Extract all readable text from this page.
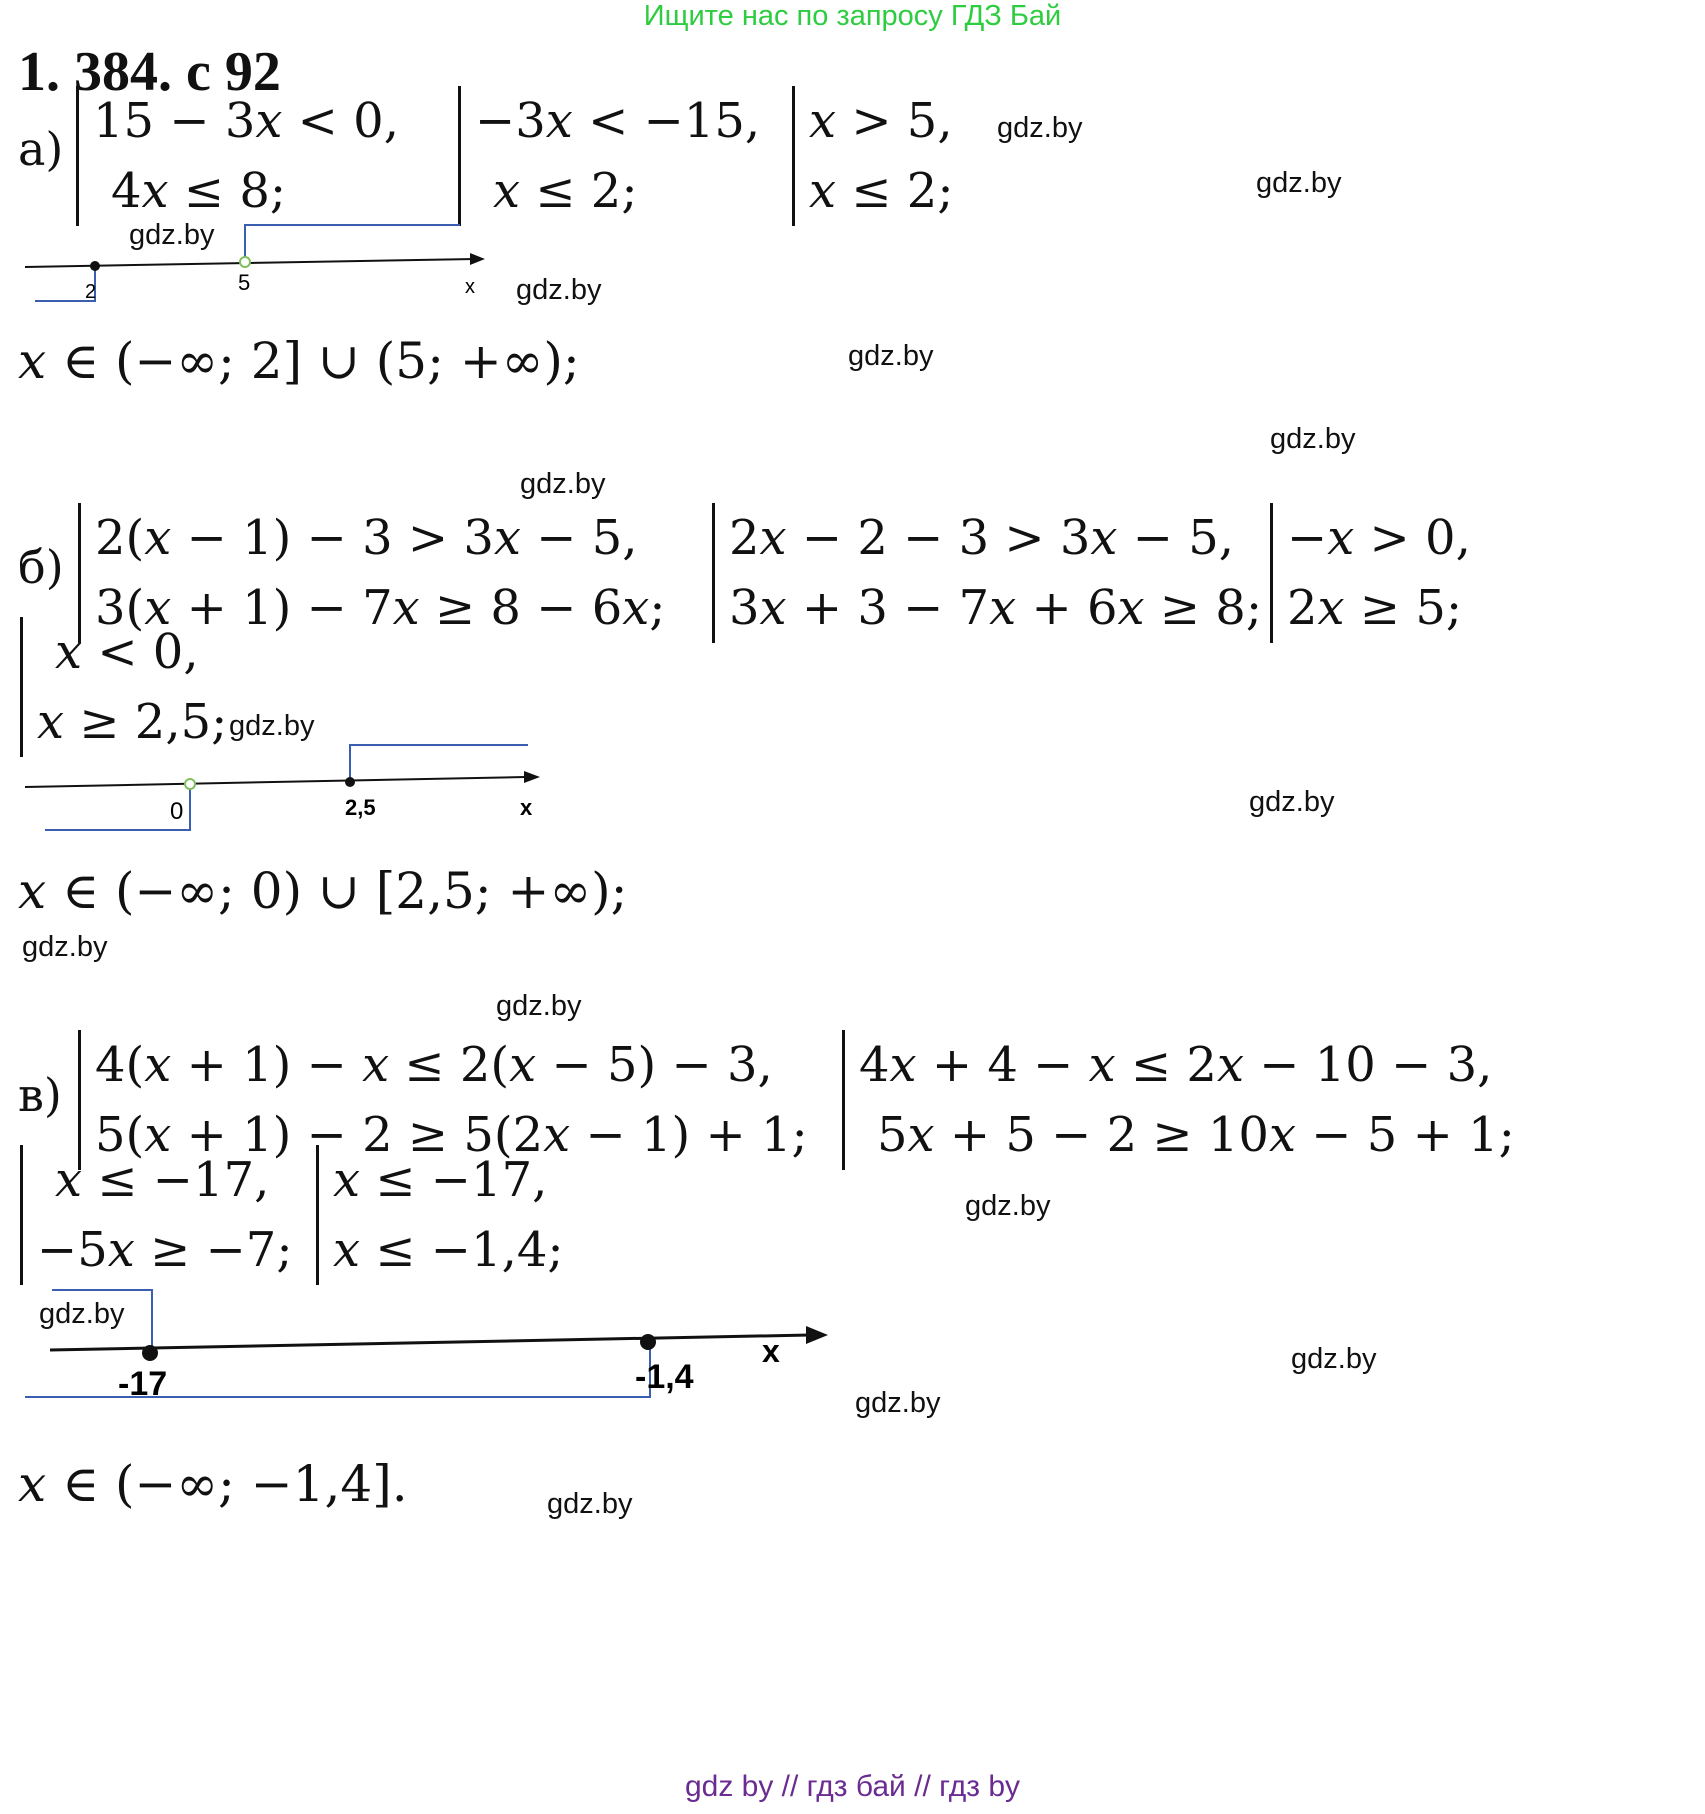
Ищите нас по запросу ГДЗ Бай
1. 384. с 92
а) 15 − 3𝑥 < 0,
4𝑥 ≤ 8;
−3𝑥 < −15,
𝑥 ≤ 2;
𝑥 > 5,
𝑥 ≤ 2;
2	5	x
𝑥 ∈ (−∞; 2] ∪ (5; +∞);
б)
2(𝑥 − 1) − 3 > 3𝑥 − 5,
3(𝑥 + 1) − 7𝑥 ≥ 8 − 6𝑥;
2𝑥 − 2 − 3 > 3𝑥 − 5,
3𝑥 + 3 − 7𝑥 + 6𝑥 ≥ 8;
−𝑥 > 0,
2𝑥 ≥ 5;
𝑥 < 0,
𝑥 ≥ 2,5;
0	2,5	x
𝑥 ∈ (−∞; 0) ∪ [2,5; +∞);
в)
4(𝑥 + 1) − 𝑥 ≤ 2(𝑥 − 5) − 3,
5(𝑥 + 1) − 2 ≥ 5(2𝑥 − 1) + 1;
4𝑥 + 4 − 𝑥 ≤ 2𝑥 − 10 − 3,
5𝑥 + 5 − 2 ≥ 10𝑥 − 5 + 1;
𝑥 ≤ −17,
−5𝑥 ≥ −7;
𝑥 ≤ −17,
𝑥 ≤ −1,4;
-17	-1,4
x
𝑥 ∈ (−∞; −1,4].
gdz.by
gdz.by
gdz.by
gdz.by
gdz.by
gdz.by
gdz.by
gdz.by
gdz.by
gdz.by
gdz.by
gdz.by
gdz.by
gdz.by
gdz.by
gdz.by
gdz by // гдз бай // гдз by
